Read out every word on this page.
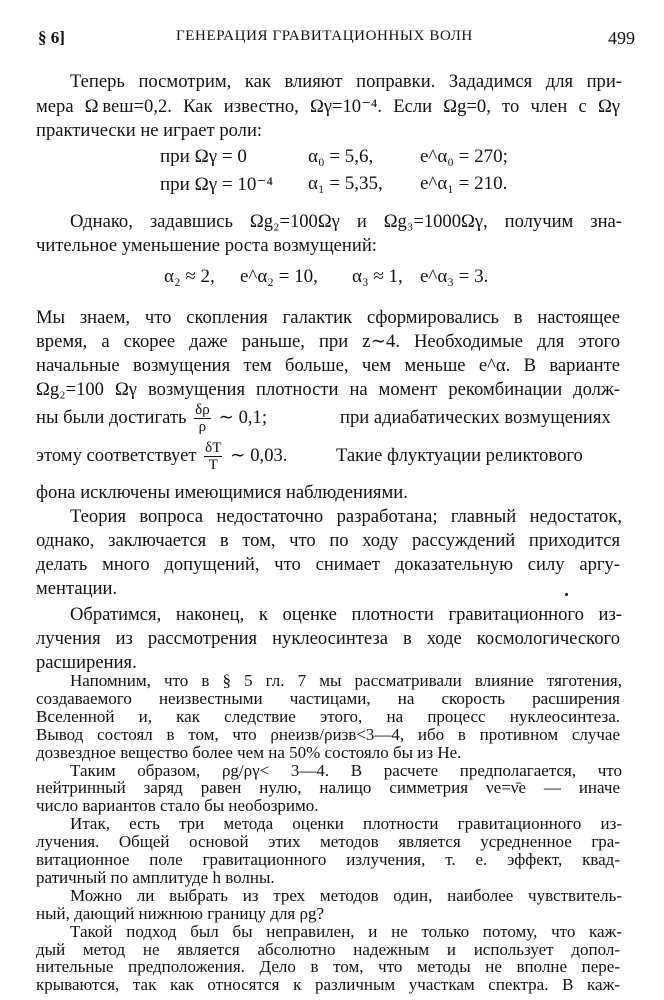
§ 6]	ГЕНЕРАЦИЯ ГРАВИТАЦИОННЫХ ВОЛН	499
Теперь посмотрим, как влияют поправки. Зададимся для при-
мера Ω веш=0,2. Как известно, Ωγ=10⁻⁴. Если Ωg=0, то член с Ωγ
практически не играет роли:
при Ωγ = 0	α₀ = 5,6, e^α₀ = 270;
при Ωγ = 10⁻⁴ α₁ = 5,35, e^α₁ = 210.
Однако, задавшись Ωg₂=100Ωγ и Ωg₃=1000Ωγ, получим зна-
чительное уменьшение роста возмущений:
α₂ ≈ 2, e^α₂ = 10, α₃ ≈ 1, e^α₃ = 3.
Мы знаем, что скопления галактик сформировались в настоящее
время, а скорее даже раньше, при z∼4. Необходимые для этого
начальные возмущения тем больше, чем меньше e^α. В варианте
Ωg₂=100 Ωγ возмущения плотности на момент рекомбинации долж-
ны были достигать $\frac{\delta\rho}{\rho}$ ∼ 0,1;	при адиабатических возмущениях
этому соответствует $\frac{\delta T}{T}$ ∼ 0,03.	Такие флуктуации реликтового
фона исключены имеющимися наблюдениями.
Теория вопроса недостаточно разработана; главный недостаток,
однако, заключается в том, что по ходу рассуждений приходится
делать много допущений, что снимает доказательную силу аргу-
ментации.
Обратимся, наконец, к оценке плотности гравитационного из-
лучения из рассмотрения нуклеосинтеза в ходе космологического
расширения.
Напомним, что в § 5 гл. 7 мы рассматривали влияние тяготения,
создаваемого неизвестными частицами, на скорость расширения
Вселенной и, как следствие этого, на процесс нуклеосинтеза.
Вывод состоял в том, что ρнеизв/ρизв<3—4, ибо в противном случае
дозвездное вещество более чем на 50% состояло бы из He.
Таким образом, ρg/ργ< 3—4. В расчете предполагается, что
нейтринный заряд равен нулю, налицо симметрия νe=ν̄e — иначе
число вариантов стало бы необозримо.
Итак, есть три метода оценки плотности гравитационного из-
лучения. Общей основой этих методов является усредненное гра-
витационное поле гравитационного излучения, т. е. эффект, квад-
ратичный по амплитуде h волны.
Можно ли выбрать из трех методов один, наиболее чувствитель-
ный, дающий нижнюю границу для ρg?
Такой подход был бы неправилен, и не только потому, что каж-
дый метод не является абсолютно надежным и использует допол-
нительные предположения. Дело в том, что методы не вполне пере-
крываются, так как относятся к различным участкам спектра. В каж-
